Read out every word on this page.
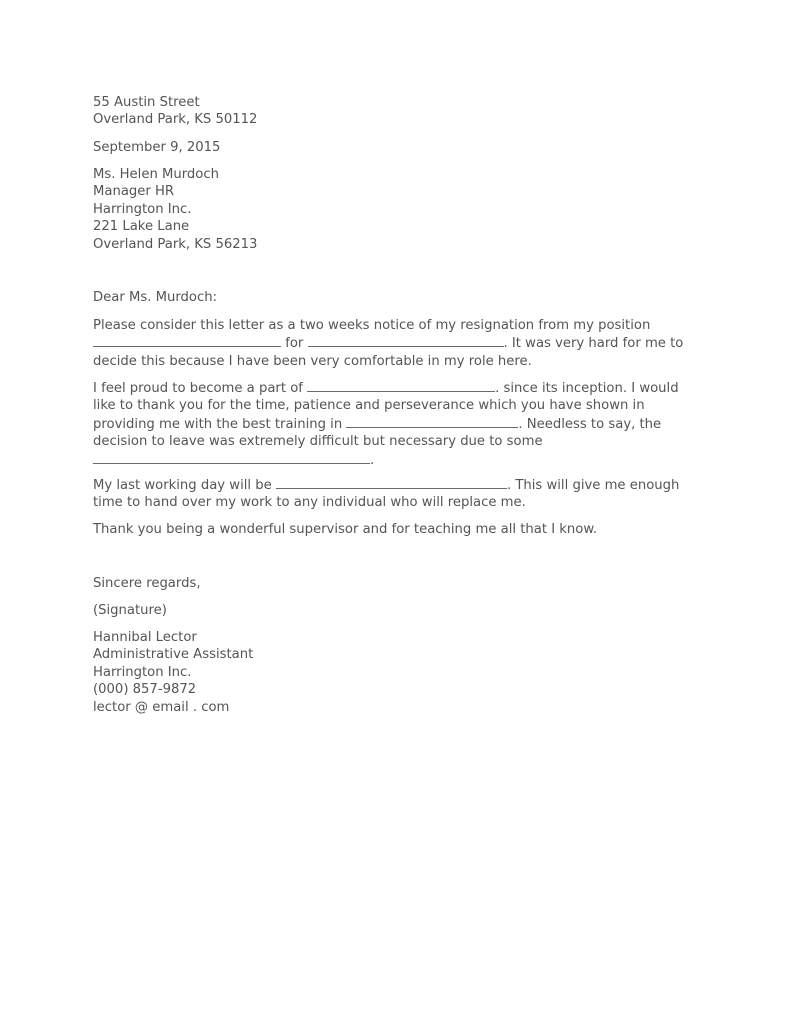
55 Austin Street
Overland Park, KS 50112
September 9, 2015
Ms. Helen Murdoch
Manager HR
Harrington Inc.
221 Lake Lane
Overland Park, KS 56213
Dear Ms. Murdoch:
Please consider this letter as a two weeks notice of my resignation from my position
for	. It was very hard for me to
decide this because I have been very comfortable in my role here.
I feel proud to become a part of	. since its inception. I would
like to thank you for the time, patience and perseverance which you have shown in
providing me with the best training in	. Needless to say, the
decision to leave was extremely difficult but necessary due to some
.
My last working day will be	. This will give me enough
time to hand over my work to any individual who will replace me.
Thank you being a wonderful supervisor and for teaching me all that I know.
Sincere regards,
(Signature)
Hannibal Lector
Administrative Assistant
Harrington Inc.
(000) 857-9872
lector @ email . com
